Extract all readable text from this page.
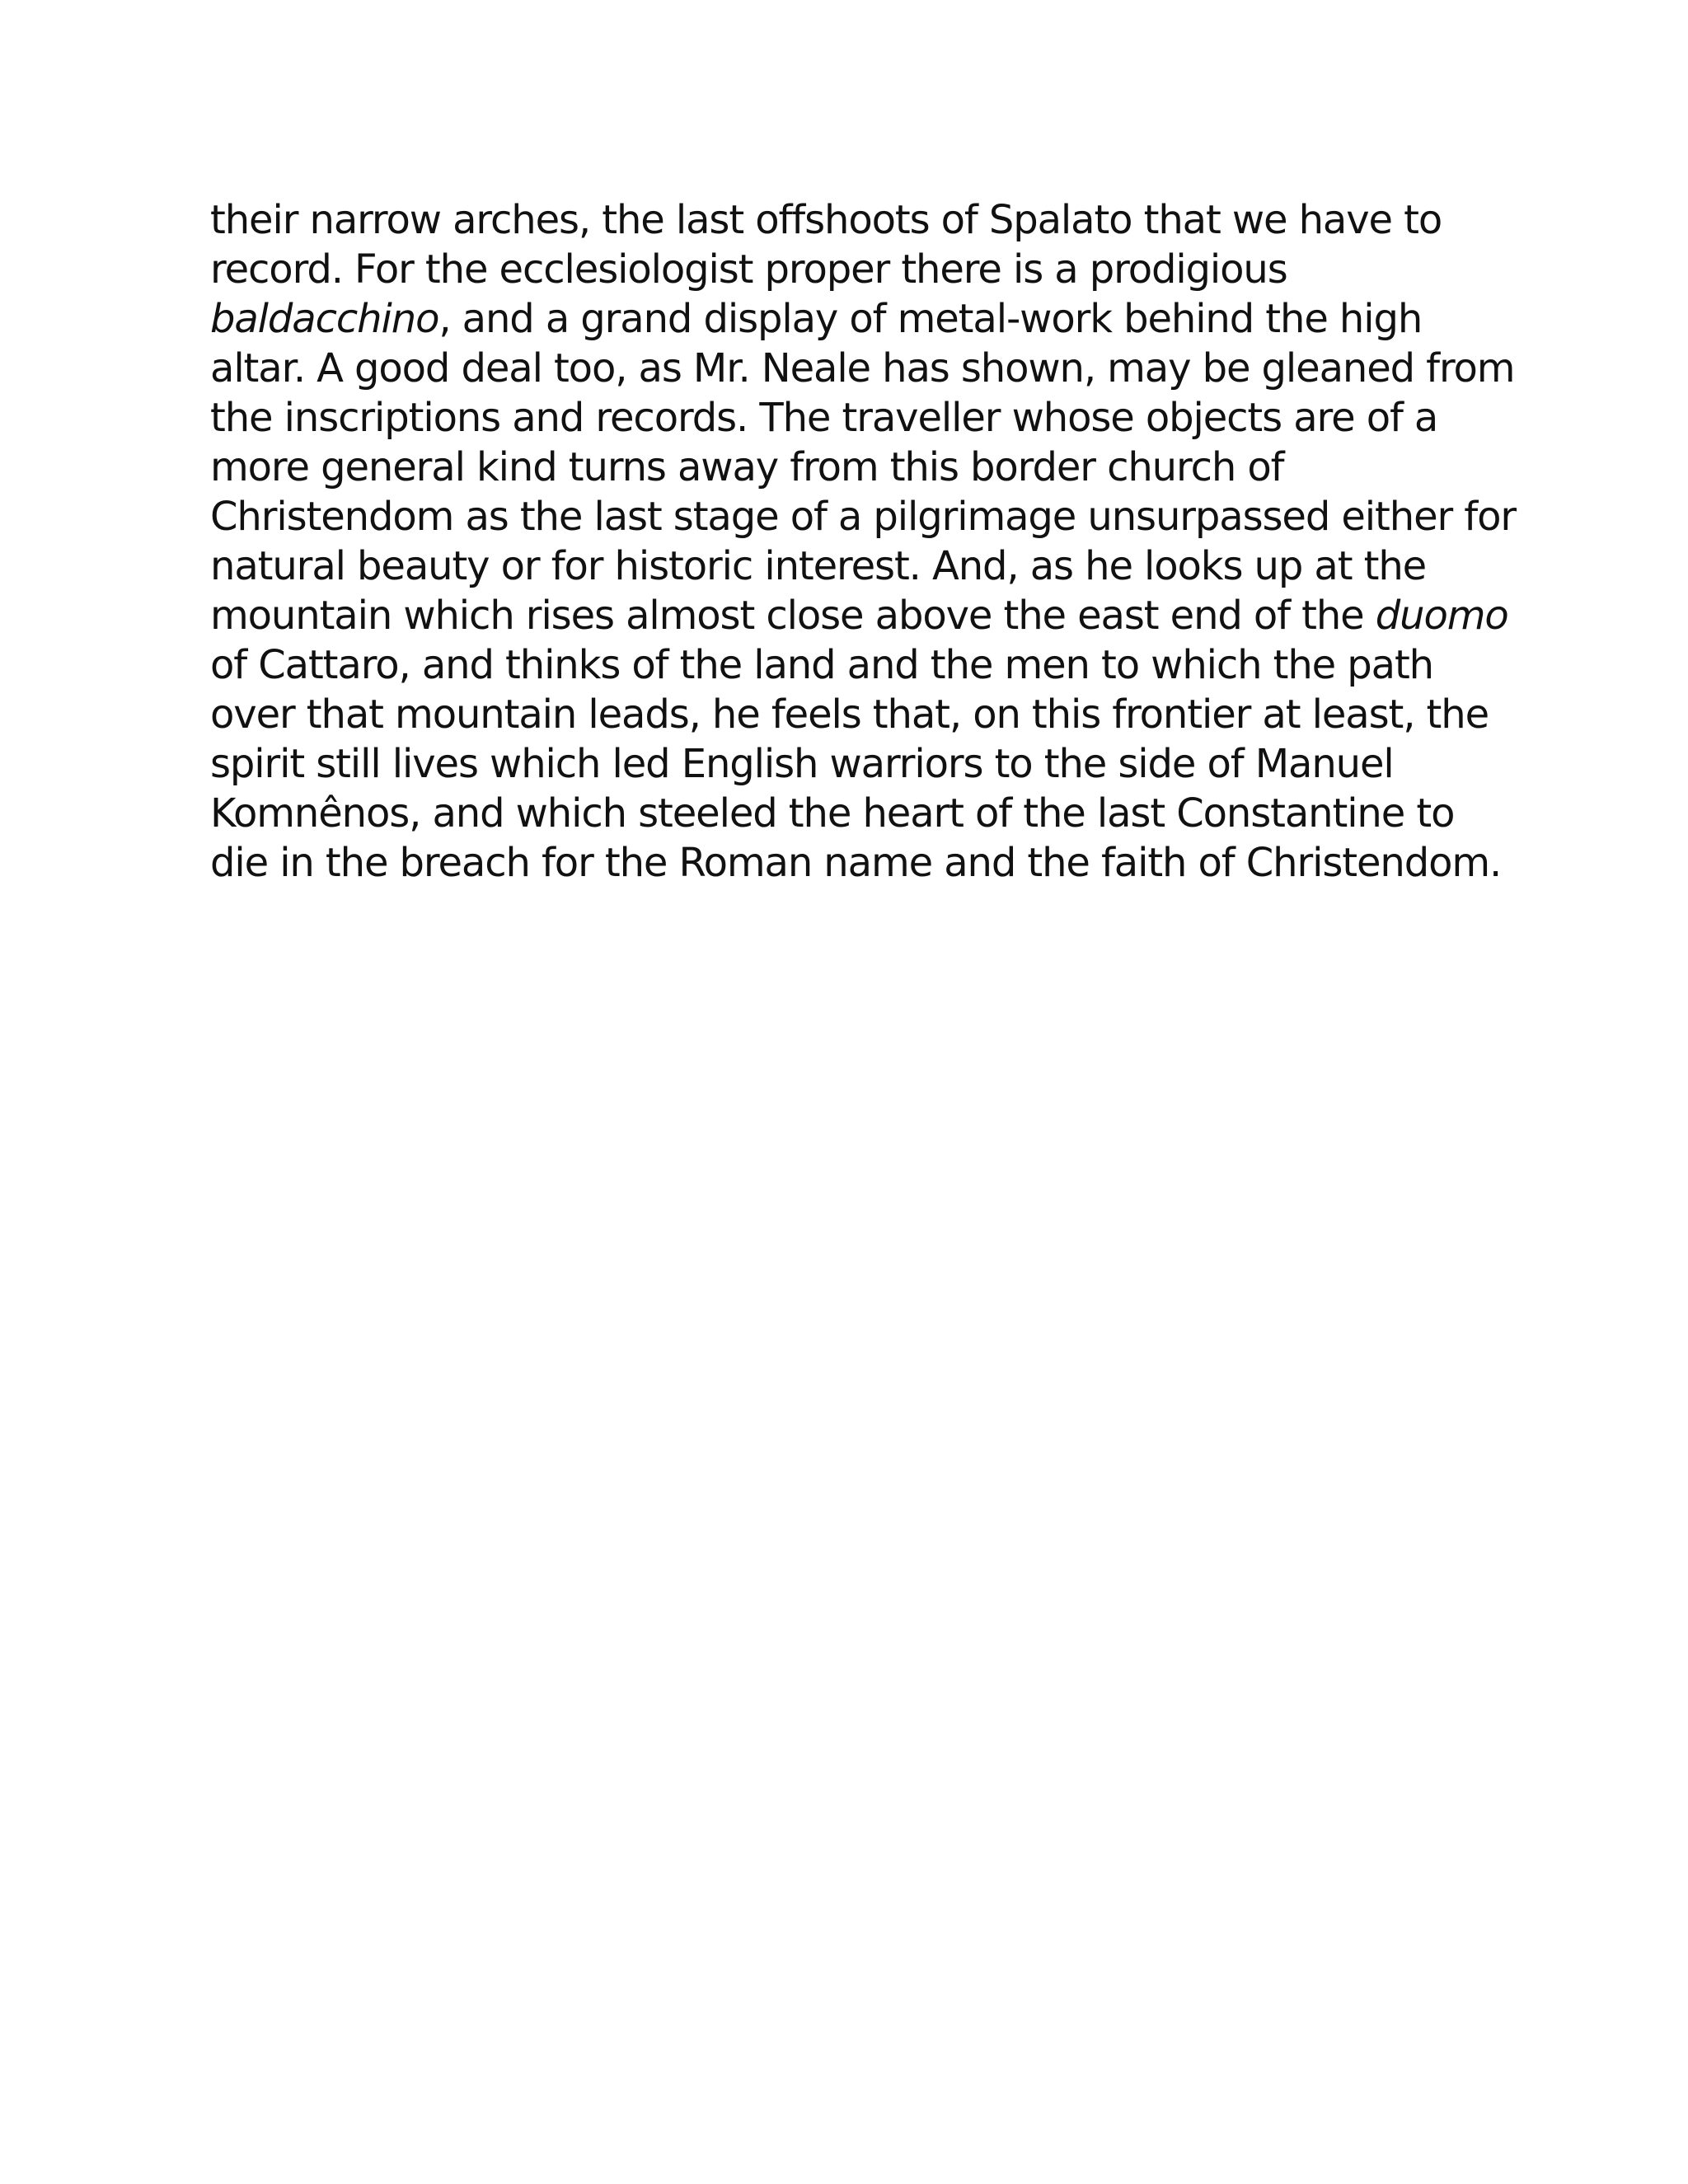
their narrow arches, the last offshoots of Spalato that we have to
record. For the ecclesiologist proper there is a prodigious
baldacchino, and a grand display of metal-work behind the high
altar. A good deal too, as Mr. Neale has shown, may be gleaned from
the inscriptions and records. The traveller whose objects are of a
more general kind turns away from this border church of
Christendom as the last stage of a pilgrimage unsurpassed either for
natural beauty or for historic interest. And, as he looks up at the
mountain which rises almost close above the east end of the duomo
of Cattaro, and thinks of the land and the men to which the path
over that mountain leads, he feels that, on this frontier at least, the
spirit still lives which led English warriors to the side of Manuel
Komnênos, and which steeled the heart of the last Constantine to
die in the breach for the Roman name and the faith of Christendom.
